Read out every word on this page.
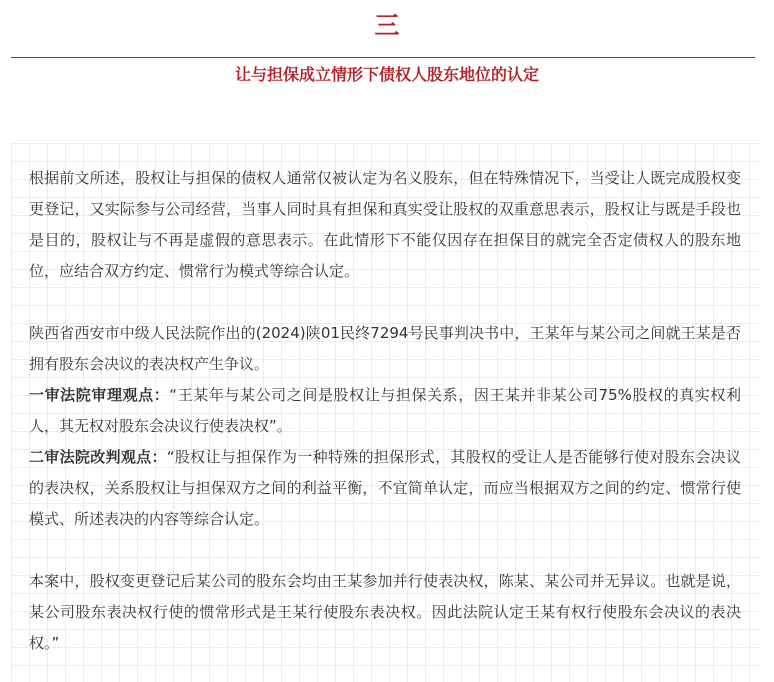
三
让与担保成立情形下债权人股东地位的认定

根据前文所述，股权让与担保的债权人通常仅被认定为名义股东，但在特殊情况下，当受让人既完成股权变更登记，又实际参与公司经营，当事人同时具有担保和真实受让股权的双重意思表示，股权让与既是手段也是目的，股权让与不再是虚假的意思表示。在此情形下不能仅因存在担保目的就完全否定债权人的股东地位，应结合双方约定、惯常行为模式等综合认定。

陕西省西安市中级人民法院作出的(2024)陕01民终7294号民事判决书中，王某年与某公司之间就王某是否拥有股东会决议的表决权产生争议。

一审法院审理观点：“王某年与某公司之间是股权让与担保关系，因王某并非某公司75%股权的真实权利人，其无权对股东会决议行使表决权”。

二审法院改判观点：“股权让与担保作为一种特殊的担保形式，其股权的受让人是否能够行使对股东会决议的表决权，关系股权让与担保双方之间的利益平衡，不宜简单认定，而应当根据双方之间的约定、惯常行使模式、所述表决的内容等综合认定。

本案中，股权变更登记后某公司的股东会均由王某参加并行使表决权，陈某、某公司并无异议。也就是说，某公司股东表决权行使的惯常形式是王某行使股东表决权。因此法院认定王某有权行使股东会决议的表决权。”
